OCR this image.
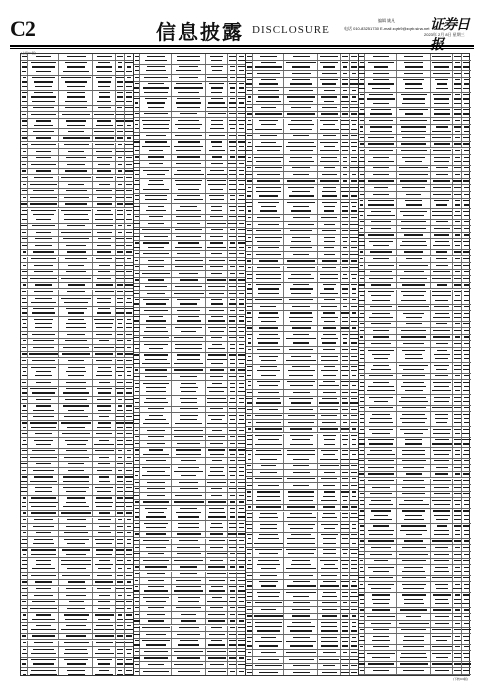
C2	信息披露 DISCLOSURE
编辑 姚凡
电话 010-83251730 E-mail zqrb9@zqrb.sina.net 证券日报
2023年 2月 8日 星期三
(上接C1版)
(下转C3版)
